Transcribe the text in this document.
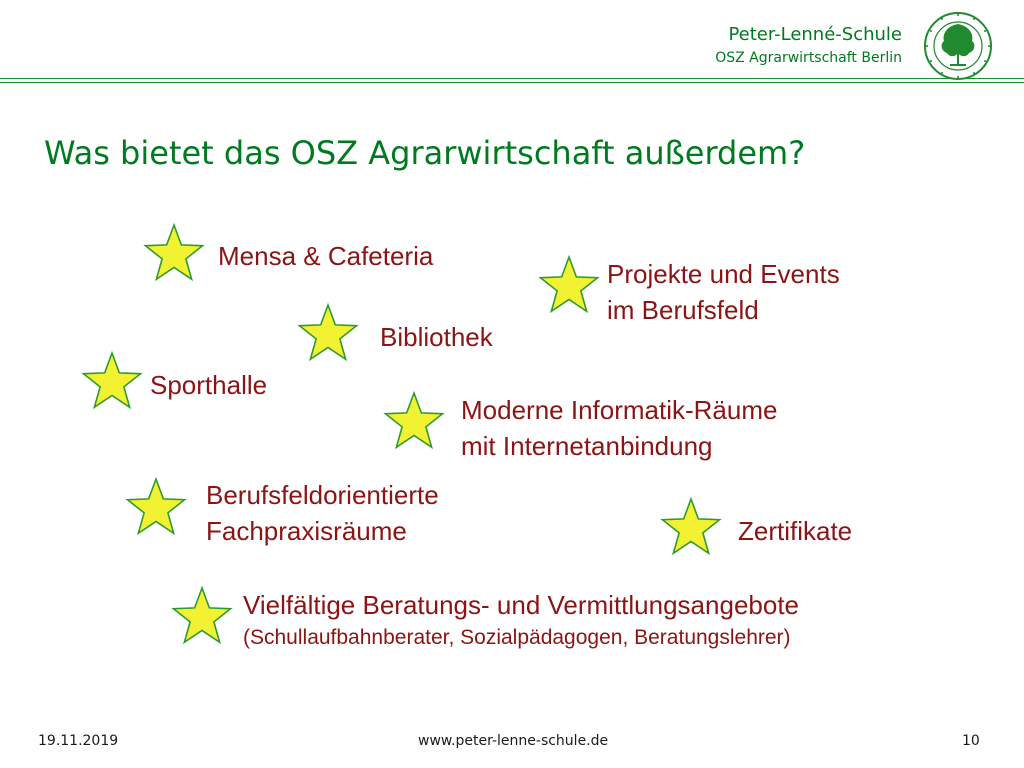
Peter-Lenné-Schule
OSZ Agrarwirtschaft Berlin
Was bietet das OSZ Agrarwirtschaft außerdem?
Mensa & Cafeteria
Projekte und Events
im Berufsfeld
Bibliothek
Sporthalle
Moderne Informatik-Räume
mit Internetanbindung
Berufsfeldorientierte
Fachpraxisräume	Zertifikate
Vielfältige Beratungs- und Vermittlungsangebote
(Schullaufbahnberater, Sozialpädagogen, Beratungslehrer)
19.11.2019	www.peter-lenne-schule.de	10
